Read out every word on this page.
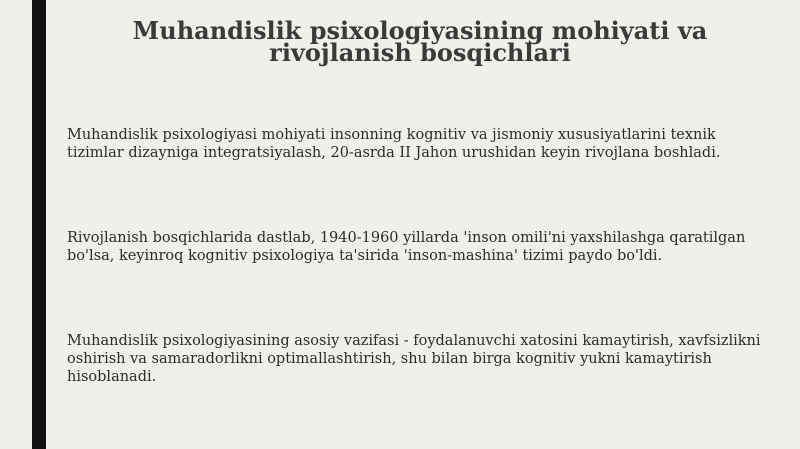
Muhandislik psixologiyasining mohiyati va rivojlanish bosqichlari

Muhandislik psixologiyasi mohiyati insonning kognitiv va jismoniy xususiyatlarini texnik tizimlar dizayniga integratsiyalash, 20-asrda II Jahon urushidan keyin rivojlana boshladi.

Rivojlanish bosqichlarida dastlab, 1940-1960 yillarda 'inson omili'ni yaxshilashga qaratilgan bo'lsa, keyinroq kognitiv psixologiya ta'sirida 'inson-mashina' tizimi paydo bo'ldi.

Muhandislik psixologiyasining asosiy vazifasi - foydalanuvchi xatosini kamaytirish, xavfsizlikni oshirish va samaradorlikni optimallashtirish, shu bilan birga kognitiv yukni kamaytirish hisoblanadi.
